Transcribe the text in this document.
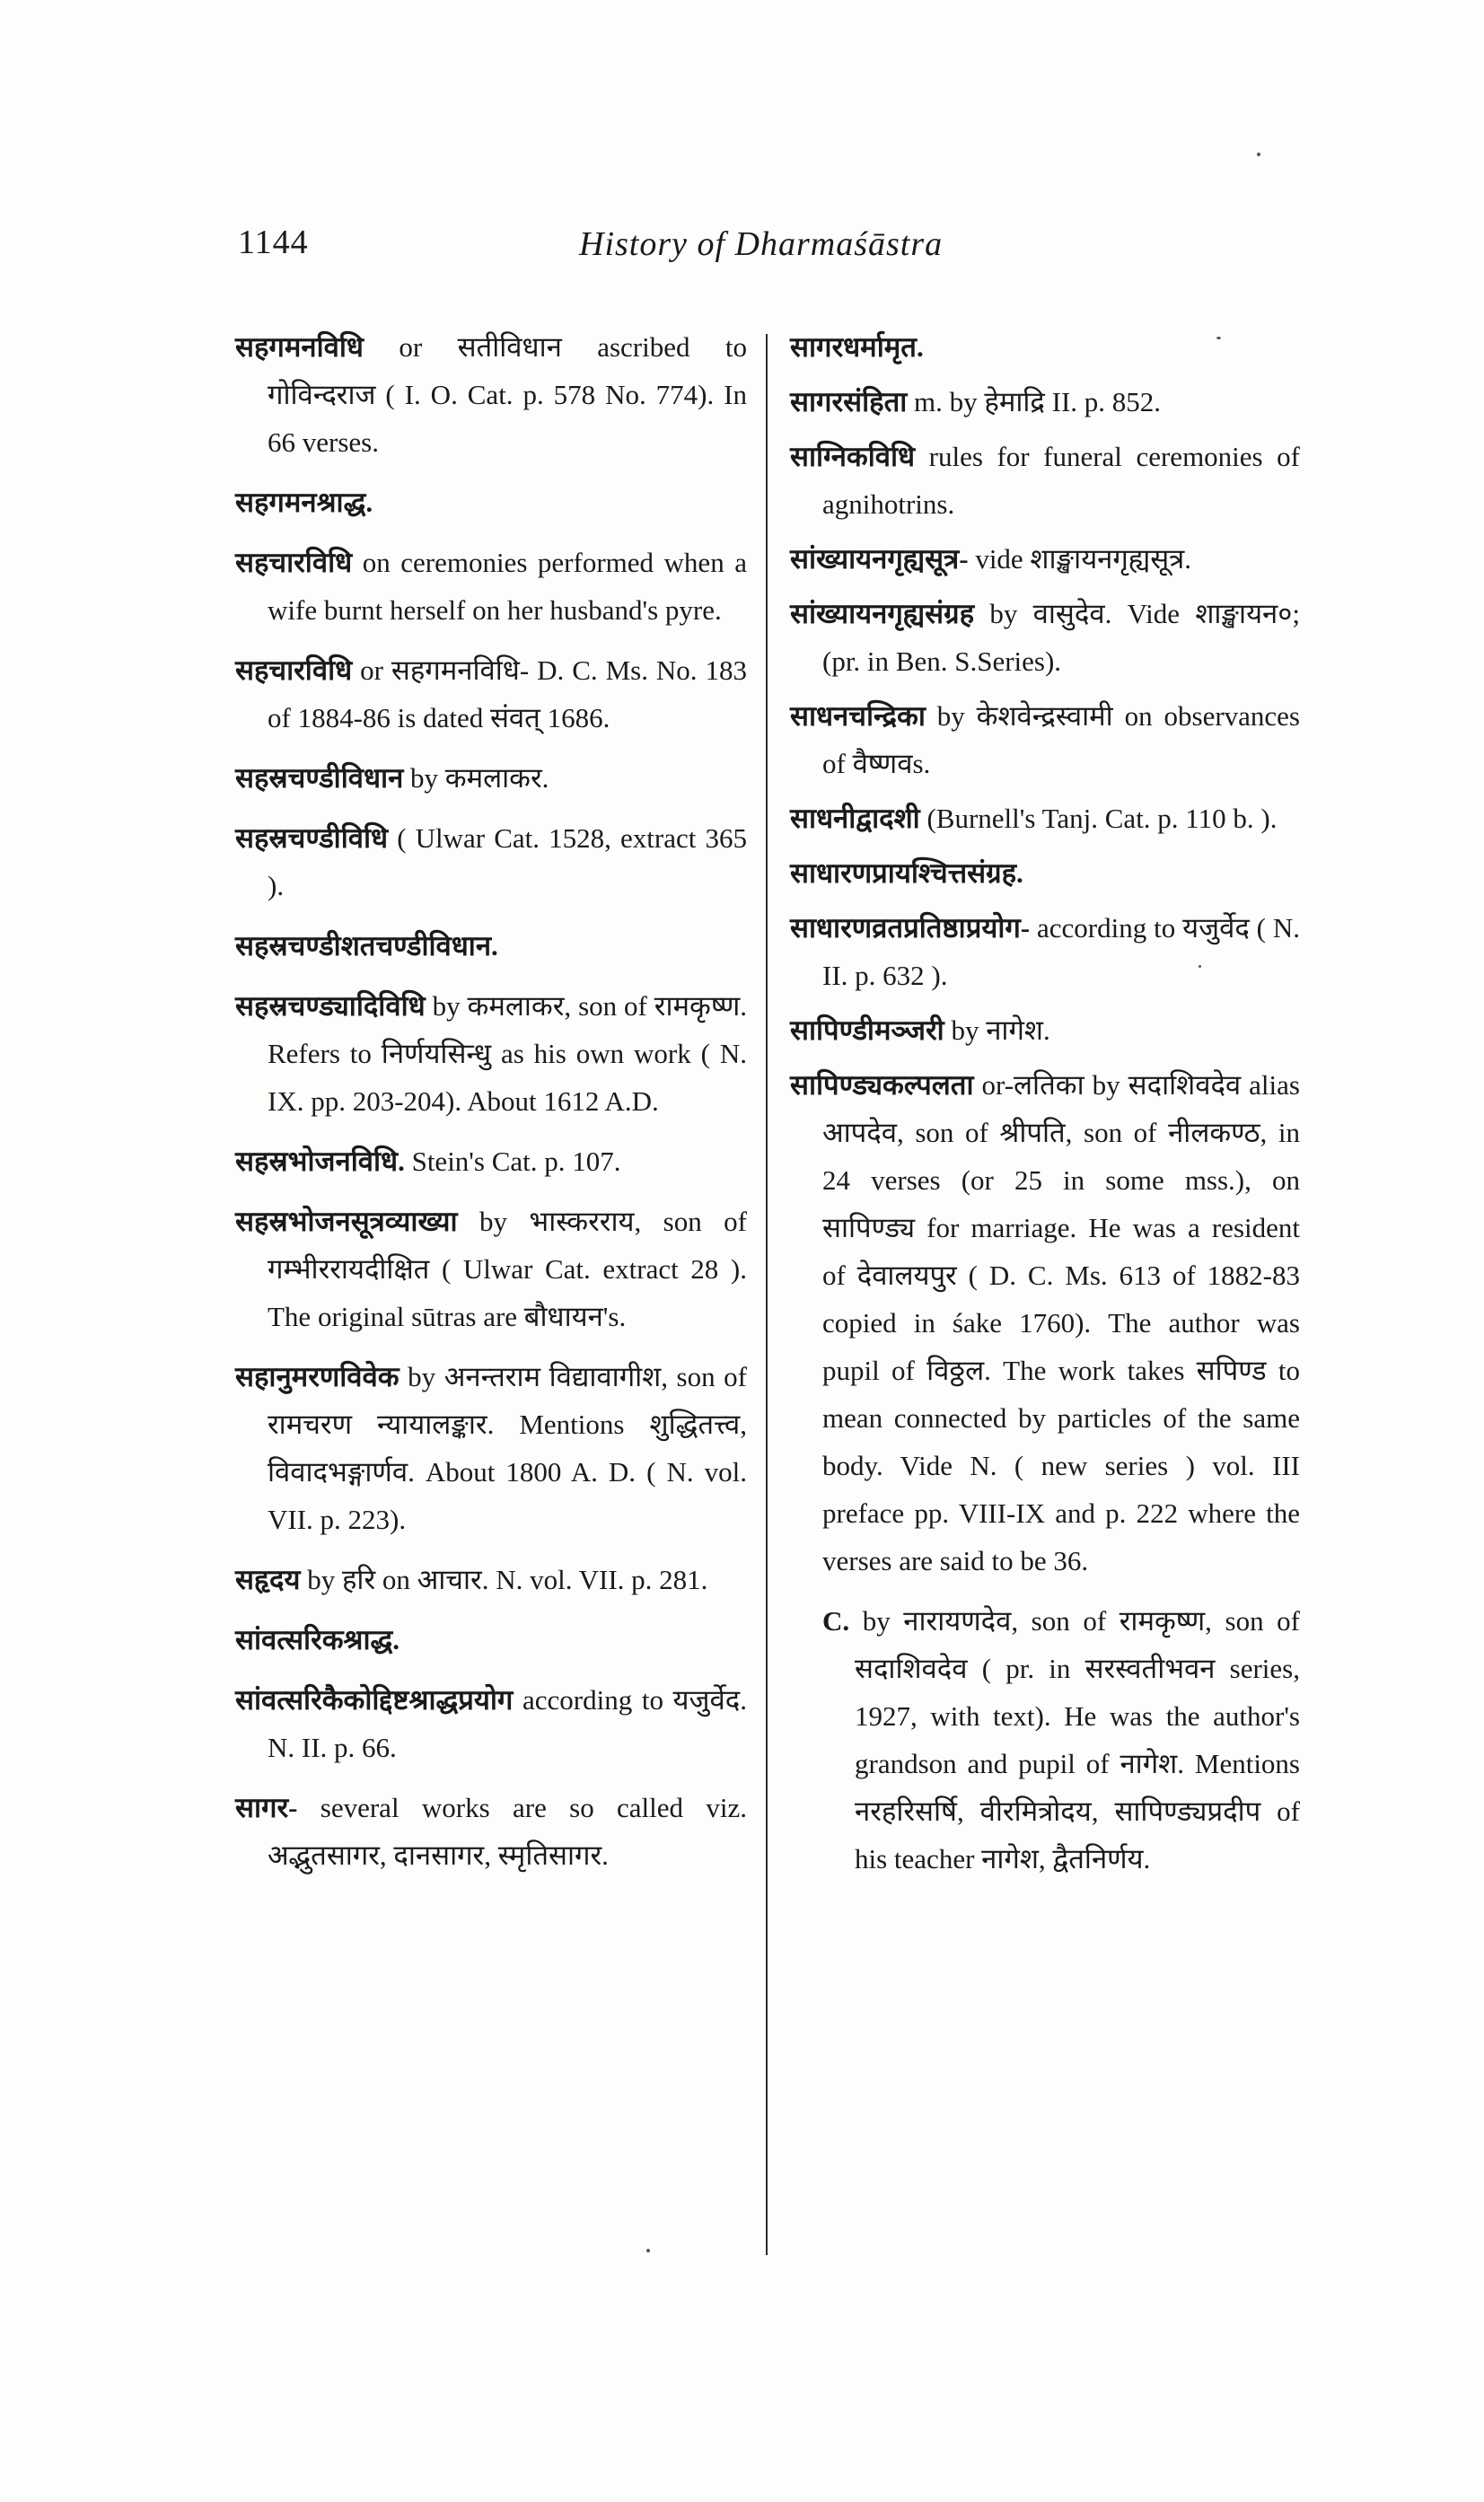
1144	History of Dharmaśāstra

सहगमनविधि or सतीविधान ascribed to गोविन्दराज ( I. O. Cat. p. 578 No. 774). In 66 verses.

सहगमनश्राद्ध.

सहचारविधि on ceremonies performed when a wife burnt herself on her husband's pyre.

सहचारविधि or सहगमनविधि- D. C. Ms. No. 183 of 1884-86 is dated संवत् 1686.

सहस्रचण्डीविधान by कमलाकर.

सहस्रचण्डीविधि ( Ulwar Cat. 1528, extract 365 ).

सहस्रचण्डीशतचण्डीविधान.

सहस्रचण्ड्यादिविधि by कमलाकर, son of रामकृष्ण. Refers to निर्णयसिन्धु as his own work ( N. IX. pp. 203-204). About 1612 A.D.

सहस्रभोजनविधि. Stein's Cat. p. 107.

सहस्रभोजनसूत्रव्याख्या by भास्करराय, son of गम्भीररायदीक्षित ( Ulwar Cat. extract 28 ). The original sūtras are बौधायन's.

सहानुमरणविवेक by अनन्तराम विद्यावागीश, son of रामचरण न्यायालङ्कार. Mentions शुद्धितत्त्व, विवादभङ्गार्णव. About 1800 A. D. ( N. vol. VII. p. 223).

सहृदय by हरि on आचार. N. vol. VII. p. 281.

सांवत्सरिकश्राद्ध.

सांवत्सरिकैकोद्दिष्टश्राद्धप्रयोग according to यजुर्वेद. N. II. p. 66.

सागर- several works are so called viz. अद्भुतसागर, दानसागर, स्मृतिसागर.

सागरधर्मामृत.

सागरसंहिता m. by हेमाद्रि II. p. 852.

साग्निकविधि rules for funeral ceremonies of agnihotrins.

सांख्यायनगृह्यसूत्र- vide शाङ्खायनगृह्यसूत्र.

सांख्यायनगृह्यसंग्रह by वासुदेव. Vide शाङ्खायन०; (pr. in Ben. S.Series).

साधनचन्द्रिका by केशवेन्द्रस्वामी on observances of वैष्णवs.

साधनीद्वादशी (Burnell's Tanj. Cat. p. 110 b. ).

साधारणप्रायश्चित्तसंग्रह.

साधारणव्रतप्रतिष्ठाप्रयोग- according to यजुर्वेद ( N. II. p. 632 ).

सापिण्डीमञ्जरी by नागेश.

सापिण्ड्यकल्पलता or-लतिका by सदाशिवदेव alias आपदेव, son of श्रीपति, son of नीलकण्ठ, in 24 verses (or 25 in some mss.), on सापिण्ड्य for marriage. He was a resident of देवालयपुर ( D. C. Ms. 613 of 1882-83 copied in śake 1760). The author was pupil of विठ्ठल. The work takes सपिण्ड to mean connected by particles of the same body. Vide N. ( new series ) vol. III preface pp. VIII-IX and p. 222 where the verses are said to be 36.

C. by नारायणदेव, son of रामकृष्ण, son of सदाशिवदेव ( pr. in सरस्वतीभवन series, 1927, with text). He was the author's grandson and pupil of नागेश. Mentions नरहरिसर्षि, वीरमित्रोदय, सापिण्ड्यप्रदीप of his teacher नागेश, द्वैतनिर्णय.
